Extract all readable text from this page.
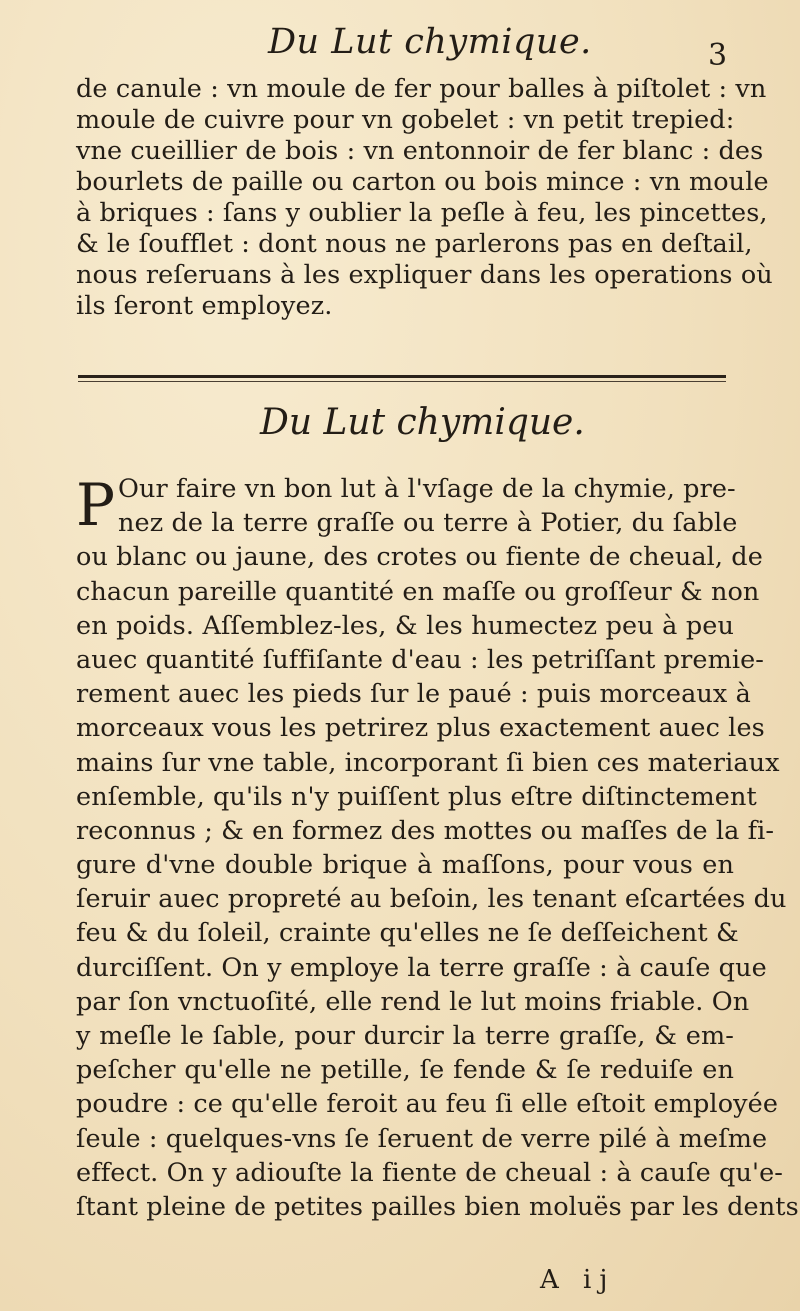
Du Lut chymique.	3
de canule : vn moule de fer pour balles à piſtolet : vn
moule de cuivre pour vn gobelet : vn petit trepied:
vne cueillier de bois : vn entonnoir de fer blanc : des
bourlets de paille ou carton ou bois mince : vn moule
à briques : ſans y oublier la peſle à feu, les pincettes,
& le ſoufflet : dont nous ne parlerons pas en deſtail,
nous reſeruans à les expliquer dans les operations où
ils ſeront employez.
Du Lut chymique.
P Our faire vn bon lut à l'vſage de la chymie, pre-
nez de la terre graſſe ou terre à Potier, du ſable
ou blanc ou jaune, des crotes ou fiente de cheual, de
chacun pareille quantité en maſſe ou groſſeur & non
en poids. Aſſemblez-les, & les humectez peu à peu
auec quantité ſuffiſante d'eau : les petriſſant premie-
rement auec les pieds ſur le paué : puis morceaux à
morceaux vous les petrirez plus exactement auec les
mains ſur vne table, incorporant ſi bien ces materiaux
enſemble, qu'ils n'y puiſſent plus eſtre diſtinctement
reconnus ; & en formez des mottes ou maſſes de la fi-
gure d'vne double brique à maſſons, pour vous en
ſeruir auec propreté au beſoin, les tenant eſcartées du
feu & du ſoleil, crainte qu'elles ne ſe deſſeichent &
durciſſent. On y employe la terre graſſe : à cauſe que
par ſon vnctuoſité, elle rend le lut moins friable. On
y meſle le ſable, pour durcir la terre graſſe, & em-
peſcher qu'elle ne petille, ſe fende & ſe reduiſe en
poudre : ce qu'elle feroit au feu ſi elle eſtoit employée
ſeule : quelques-vns ſe ſeruent de verre pilé à meſme
effect. On y adiouſte la fiente de cheual : à cauſe qu'e-
ſtant pleine de petites pailles bien moluës par les dents
A ij
